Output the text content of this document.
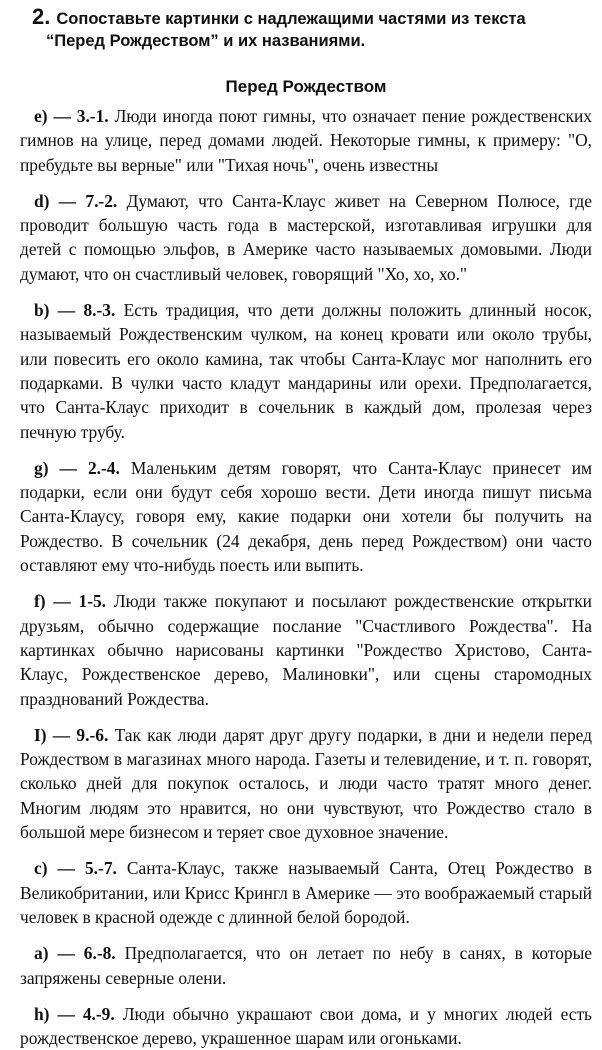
2. Сопоставьте картинки с надлежащими частями из текста
“Перед Рождеством” и их названиями.
Перед Рождеством

e) — 3.-1. Люди иногда поют гимны, что означает пение рождественских гимнов на улице, перед домами людей. Некоторые гимны, к примеру: "О, пребудьте вы верные" или "Тихая ночь", очень известны

d) — 7.-2. Думают, что Санта-Клаус живет на Северном Полюсе, где проводит большую часть года в мастерской, изготавливая игрушки для детей с помощью эльфов, в Америке часто называемых домовыми. Люди думают, что он счастливый человек, говорящий "Хо, хо, хо."

b) — 8.-3. Есть традиция, что дети должны положить длинный носок, называемый Рождественским чулком, на конец кровати или около трубы, или повесить его около камина, так чтобы Санта-Клаус мог наполнить его подарками. В чулки часто кладут мандарины или орехи. Предполагается, что Санта-Клаус приходит в сочельник в каждый дом, пролезая через печную трубу.

g) — 2.-4. Маленьким детям говорят, что Санта-Клаус принесет им подарки, если они будут себя хорошо вести. Дети иногда пишут письма Санта-Клаусу, говоря ему, какие подарки они хотели бы получить на Рождество. В сочельник (24 декабря, день перед Рождеством) они часто оставляют ему что-нибудь поесть или выпить.

f) — 1-5. Люди также покупают и посылают рождественские открытки друзьям, обычно содержащие послание "Счастливого Рождества". На картинках обычно нарисованы картинки "Рождество Христово, Санта-Клаус, Рождественское дерево, Малиновки", или сцены старомодных празднований Рождества.

I) — 9.-6. Так как люди дарят друг другу подарки, в дни и недели перед Рождеством в магазинах много народа. Газеты и телевидение, и т. п. говорят, сколько дней для покупок осталось, и люди часто тратят много денег. Многим людям это нравится, но они чувствуют, что Рождество стало в большой мере бизнесом и теряет свое духовное значение.

c) — 5.-7. Санта-Клаус, также называемый Санта, Отец Рождество в Великобритании, или Крисс Крингл в Америке — это воображаемый старый человек в красной одежде с длинной белой бородой.

a) — 6.-8. Предполагается, что он летает по небу в санях, в которые запряжены северные олени.

h) — 4.-9. Люди обычно украшают свои дома, и у многих людей есть рождественское дерево, украшенное шарам или огоньками.
